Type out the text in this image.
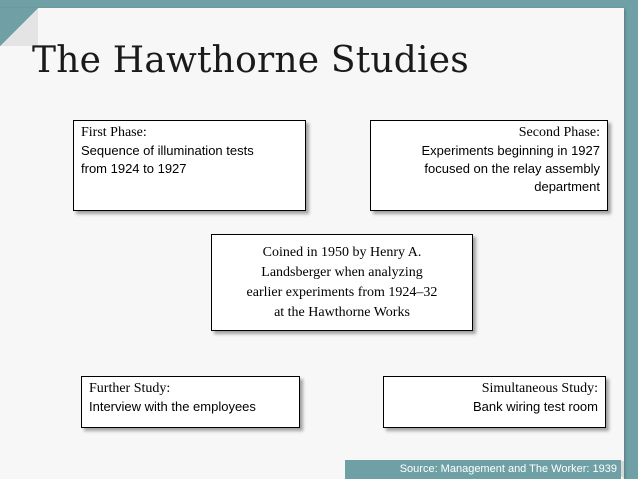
The Hawthorne Studies
First Phase:
Sequence of illumination tests
from 1924 to 1927
Second Phase:
Experiments beginning in 1927
focused on the relay assembly
department
Coined in 1950 by Henry A.
Landsberger when analyzing
earlier experiments from 1924–32
at the Hawthorne Works
Further Study:
Interview with the employees
Simultaneous Study:
Bank wiring test room
Source: Management and The Worker: 1939
